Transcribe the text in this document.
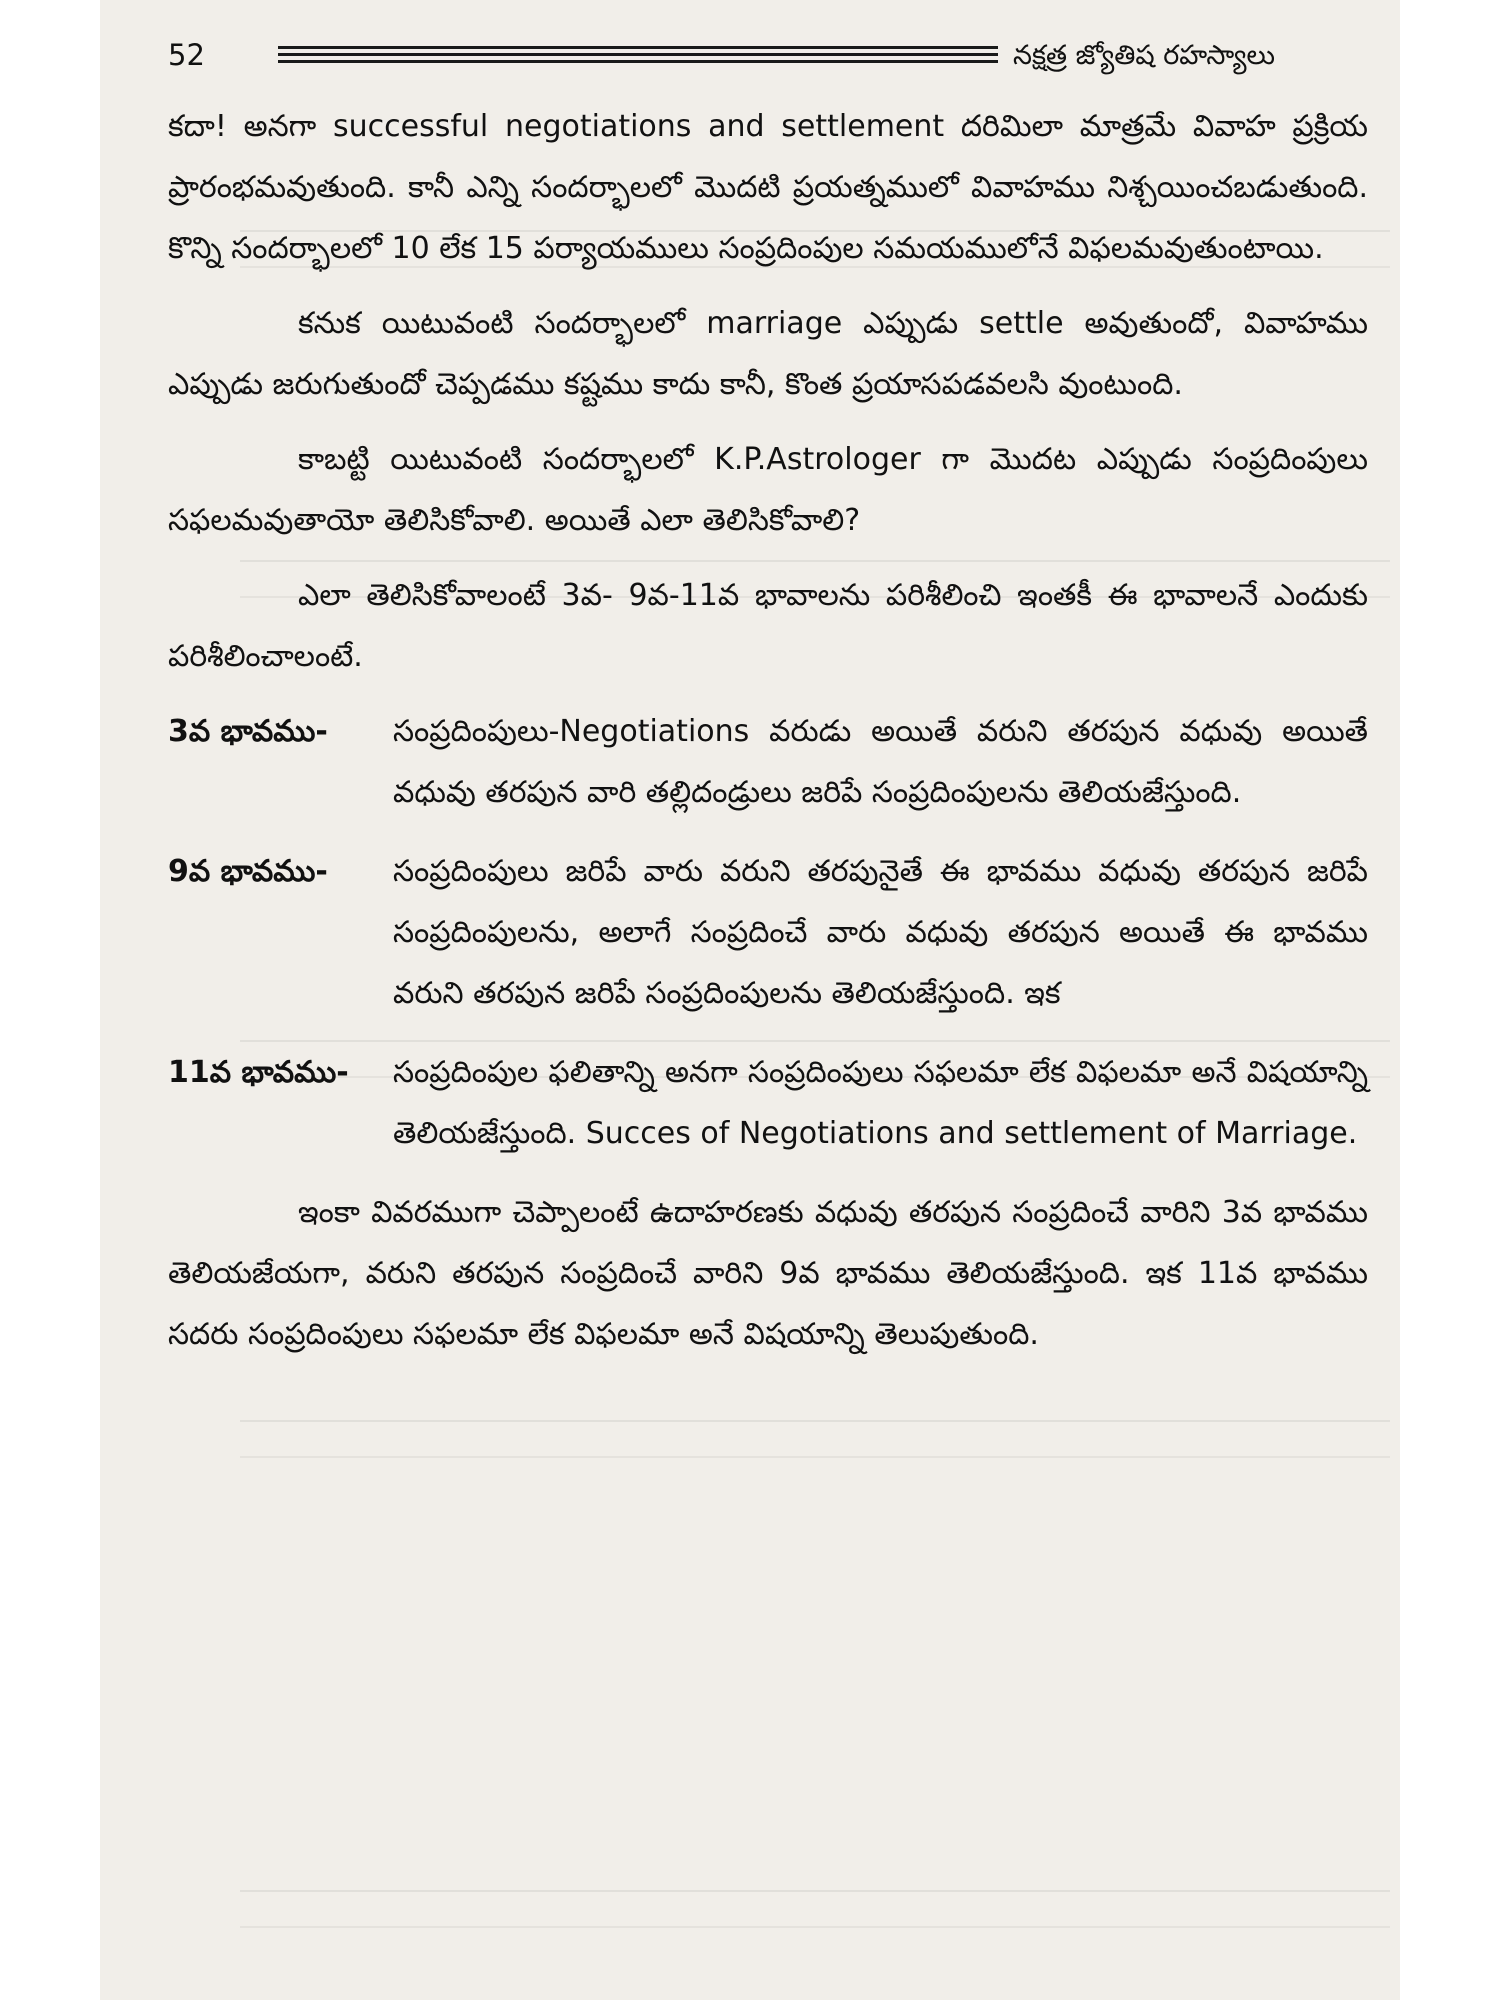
52	నక్షత్ర జ్యోతిష రహస్యాలు

కదా! అనగా successful negotiations and settlement దరిమిలా మాత్రమే వివాహ ప్రక్రియ ప్రారంభమవుతుంది. కానీ ఎన్ని సందర్భాలలో మొదటి ప్రయత్నములో వివాహము నిశ్చయించబడుతుంది. కొన్ని సందర్భాలలో 10 లేక 15 పర్యాయములు సంప్రదింపుల సమయములోనే విఫలమవుతుంటాయి.

కనుక యిటువంటి సందర్భాలలో marriage ఎప్పుడు settle అవుతుందో, వివాహము ఎప్పుడు జరుగుతుందో చెప్పడము కష్టము కాదు కానీ, కొంత ప్రయాసపడవలసి వుంటుంది.

కాబట్టి యిటువంటి సందర్భాలలో K.P.Astrologer గా మొదట ఎప్పుడు సంప్రదింపులు సఫలమవుతాయో తెలిసికోవాలి. అయితే ఎలా తెలిసికోవాలి?

ఎలా తెలిసికోవాలంటే 3వ- 9వ-11వ భావాలను పరిశీలించి ఇంతకీ ఈ భావాలనే ఎందుకు పరిశీలించాలంటే.

3వ భావము-	సంప్రదింపులు-Negotiations వరుడు అయితే వరుని తరపున వధువు అయితే వధువు తరపున వారి తల్లిదండ్రులు జరిపే సంప్రదింపులను తెలియజేస్తుంది.
9వ భావము-	సంప్రదింపులు జరిపే వారు వరుని తరపునైతే ఈ భావము వధువు తరపున జరిపే సంప్రదింపులను, అలాగే సంప్రదించే వారు వధువు తరపున అయితే ఈ భావము వరుని తరపున జరిపే సంప్రదింపులను తెలియజేస్తుంది. ఇక
11వ భావము-	సంప్రదింపుల ఫలితాన్ని అనగా సంప్రదింపులు సఫలమా లేక విఫలమా అనే విషయాన్ని తెలియజేస్తుంది. Succes of Negotiations and settlement of Marriage.

ఇంకా వివరముగా చెప్పాలంటే ఉదాహరణకు వధువు తరపున సంప్రదించే వారిని 3వ భావము తెలియజేయగా, వరుని తరపున సంప్రదించే వారిని 9వ భావము తెలియజేస్తుంది. ఇక 11వ భావము సదరు సంప్రదింపులు సఫలమా లేక విఫలమా అనే విషయాన్ని తెలుపుతుంది.
